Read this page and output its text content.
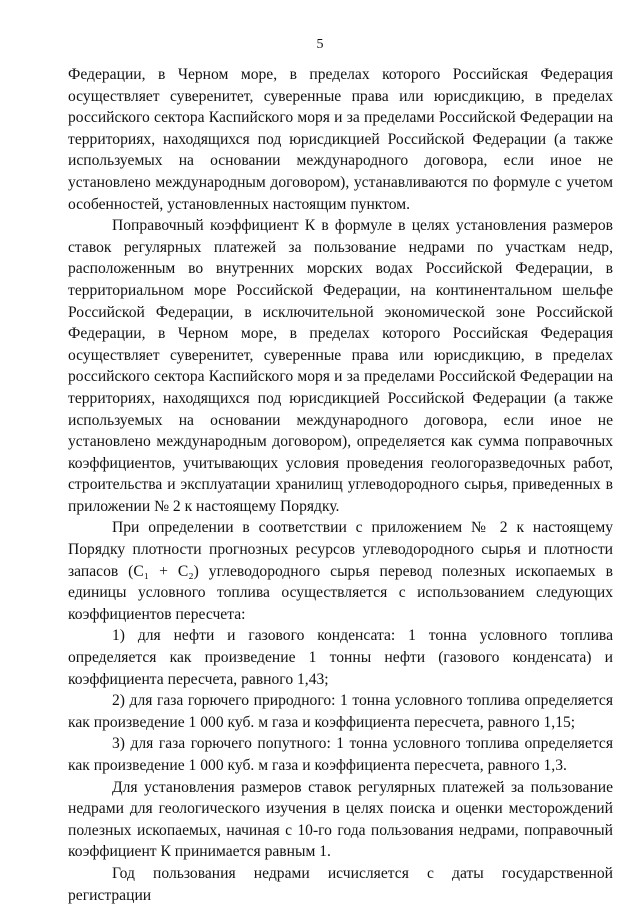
5

Федерации, в Черном море, в пределах которого Российская Федерация осуществляет суверенитет, суверенные права или юрисдикцию, в пределах российского сектора Каспийского моря и за пределами Российской Федерации на территориях, находящихся под юрисдикцией Российской Федерации (а также используемых на основании международного договора, если иное не установлено международным договором), устанавливаются по формуле с учетом особенностей, установленных настоящим пунктом.

Поправочный коэффициент К в формуле в целях установления размеров ставок регулярных платежей за пользование недрами по участкам недр, расположенным во внутренних морских водах Российской Федерации, в территориальном море Российской Федерации, на континентальном шельфе Российской Федерации, в исключительной экономической зоне Российской Федерации, в Черном море, в пределах которого Российская Федерация осуществляет суверенитет, суверенные права или юрисдикцию, в пределах российского сектора Каспийского моря и за пределами Российской Федерации на территориях, находящихся под юрисдикцией Российской Федерации (а также используемых на основании международного договора, если иное не установлено международным договором), определяется как сумма поправочных коэффициентов, учитывающих условия проведения геологоразведочных работ, строительства и эксплуатации хранилищ углеводородного сырья, приведенных в приложении № 2 к настоящему Порядку.

При определении в соответствии с приложением № 2 к настоящему Порядку плотности прогнозных ресурсов углеводородного сырья и плотности запасов (C₁ + C₂) углеводородного сырья перевод полезных ископаемых в единицы условного топлива осуществляется с использованием следующих коэффициентов пересчета:

1) для нефти и газового конденсата: 1 тонна условного топлива определяется как произведение 1 тонны нефти (газового конденсата) и коэффициента пересчета, равного 1,43;

2) для газа горючего природного: 1 тонна условного топлива определяется как произведение 1 000 куб. м газа и коэффициента пересчета, равного 1,15;

3) для газа горючего попутного: 1 тонна условного топлива определяется как произведение 1 000 куб. м газа и коэффициента пересчета, равного 1,3.

Для установления размеров ставок регулярных платежей за пользование недрами для геологического изучения в целях поиска и оценки месторождений полезных ископаемых, начиная с 10-го года пользования недрами, поправочный коэффициент К принимается равным 1.

Год пользования недрами исчисляется с даты государственной регистрации
